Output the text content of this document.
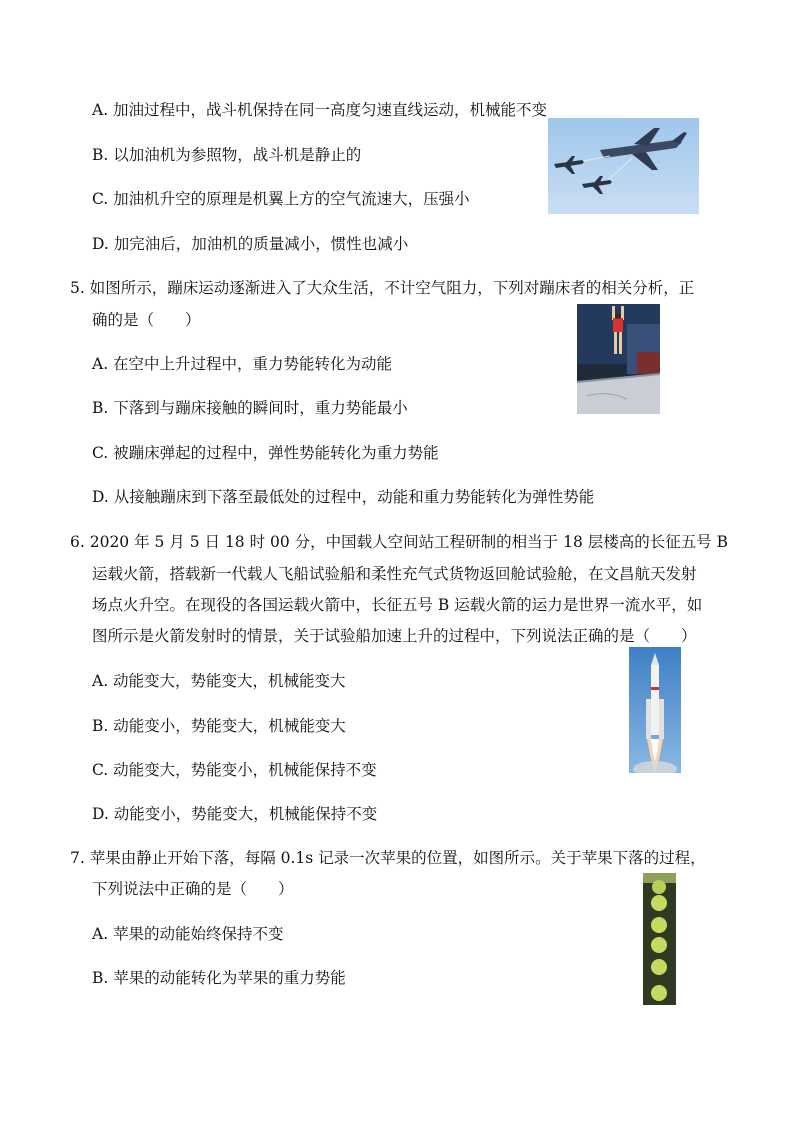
A. 加油过程中，战斗机保持在同一高度匀速直线运动，机械能不变
B. 以加油机为参照物，战斗机是静止的
C. 加油机升空的原理是机翼上方的空气流速大，压强小
D. 加完油后，加油机的质量减小，惯性也减小
5. 如图所示，蹦床运动逐渐进入了大众生活，不计空气阻力，下列对蹦床者的相关分析，正
确的是（　　）
A. 在空中上升过程中，重力势能转化为动能
B. 下落到与蹦床接触的瞬间时，重力势能最小
C. 被蹦床弹起的过程中，弹性势能转化为重力势能
D. 从接触蹦床到下落至最低处的过程中，动能和重力势能转化为弹性势能
6. 2020 年 5 月 5 日 18 时 00 分，中国载人空间站工程研制的相当于 18 层楼高的长征五号 B
运载火箭，搭载新一代载人飞船试验船和柔性充气式货物返回舱试验舱，在文昌航天发射
场点火升空。在现役的各国运载火箭中，长征五号 B 运载火箭的运力是世界一流水平，如
图所示是火箭发射时的情景，关于试验船加速上升的过程中，下列说法正确的是（　　）
A. 动能变大，势能变大，机械能变大
B. 动能变小，势能变大，机械能变大
C. 动能变大，势能变小，机械能保持不变
D. 动能变小，势能变大，机械能保持不变
7. 苹果由静止开始下落，每隔 0.1s 记录一次苹果的位置，如图所示。关于苹果下落的过程，
下列说法中正确的是（　　）
A. 苹果的动能始终保持不变
B. 苹果的动能转化为苹果的重力势能
